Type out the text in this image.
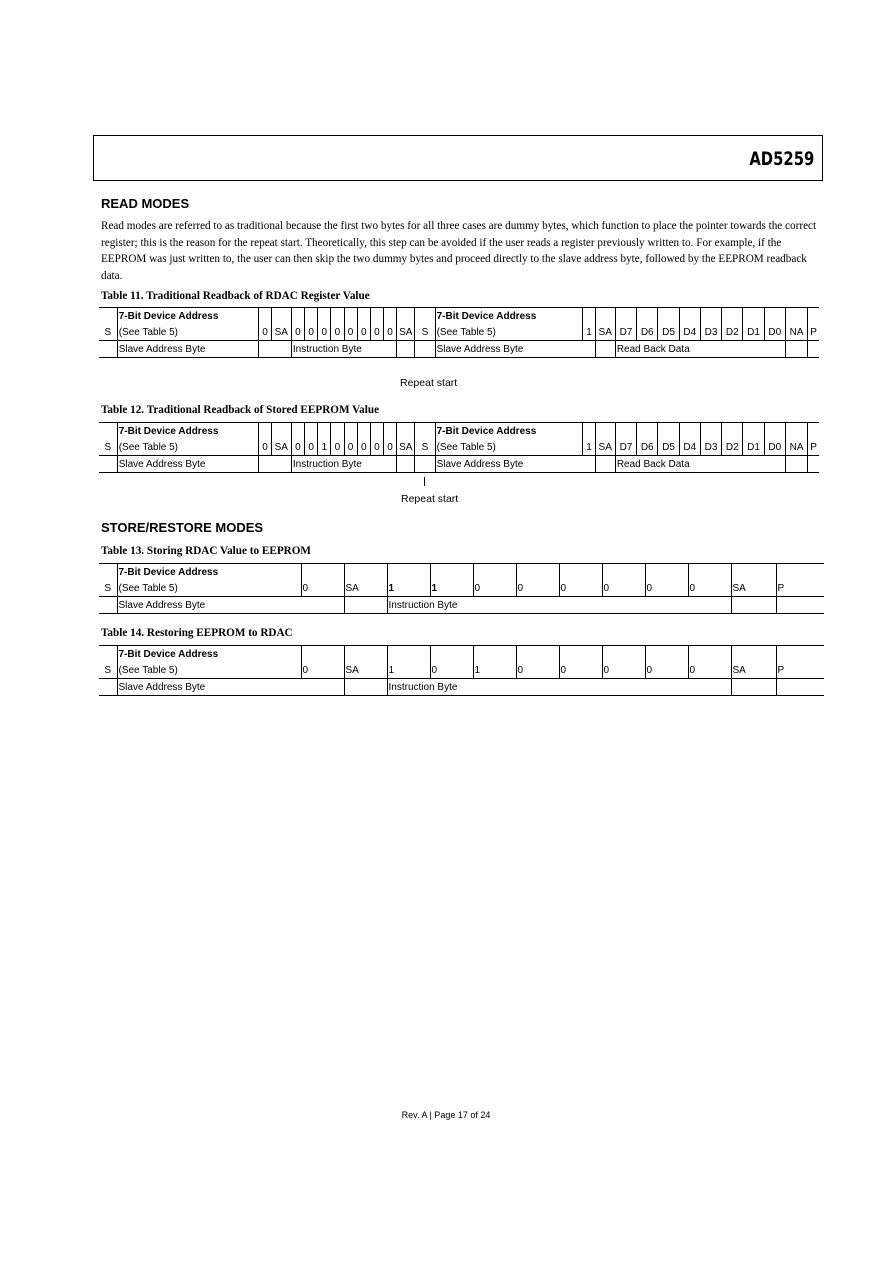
AD5259
READ MODES
Read modes are referred to as traditional because the first two bytes for all three cases are dummy bytes, which function to place the pointer towards the correct register; this is the reason for the repeat start. Theoretically, this step can be avoided if the user reads a register previously written to. For example, if the EEPROM was just written to, the user can then skip the two dummy bytes and proceed directly to the slave address byte, followed by the EEPROM readback data.
Table 11. Traditional Readback of RDAC Register Value
	7-Bit Device Address													7-Bit Device Address												
S	(See Table 5)	0	SA	0	0	0	0	0	0	0	0	SA	S	(See Table 5)	1	SA	D7	D6	D5	D4	D3	D2	D1	D0	NA	P
	Slave Address Byte			Instruction Byte										Slave Address Byte			Read Back Data									
Repeat start
Table 12. Traditional Readback of Stored EEPROM Value
	7-Bit Device Address													7-Bit Device Address												
S	(See Table 5)	0	SA	0	0	1	0	0	0	0	0	SA	S	(See Table 5)	1	SA	D7	D6	D5	D4	D3	D2	D1	D0	NA	P
	Slave Address Byte			Instruction Byte										Slave Address Byte			Read Back Data									
Repeat start
STORE/RESTORE MODES
Table 13. Storing RDAC Value to EEPROM
	7-Bit Device Address												
S	(See Table 5)	0	SA	1	1	0	0	0	0	0	0	SA	P
	Slave Address Byte			Instruction Byte									
Table 14. Restoring EEPROM to RDAC
	7-Bit Device Address												
S	(See Table 5)	0	SA	1	0	1	0	0	0	0	0	SA	P
	Slave Address Byte			Instruction Byte									
Rev. A | Page 17 of 24
